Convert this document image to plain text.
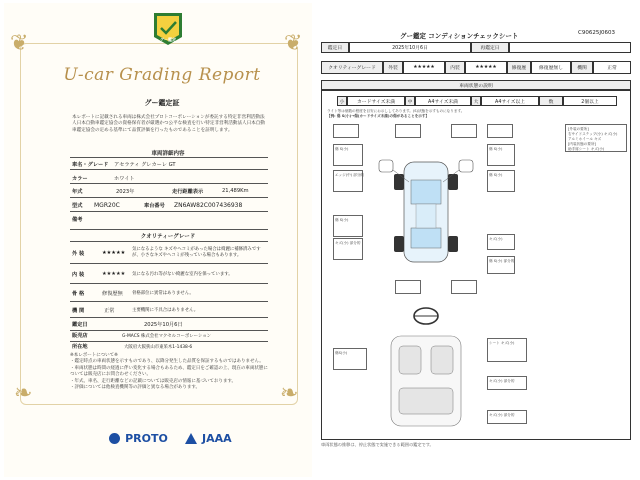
❦	❦
❧	❧
グー鑑定
U-car Grading Report
グー鑑定証
本レポートに記載される車両は株式会社プロトコーポレーションが委託する特定非営利活動法人日本自動車鑑定協会の資格保有者が厳選かつ公平な検査を行い特定非営利活動法人日本自動車鑑定協会の定める基準にて品質評価を行ったものであることを証明します。
車両詳細内容
車名・グレード アセラティ グレカーレ GT
カラー	ホワイト
年式	2023年	走行距離表示	21,489Km
型式 MGR20C	車台番号 ZN6AW82C007436938
備考
クオリティーグレード
外 装	★★★★★
気になるような キズやヘコミがあった場合は綺麗に補修済みですが、小さなキズやヘコミが残っている場合もあります。
内 装	★★★★★ 気になる汚れ等がない綺麗な室内を保っています。
骨 格	修復歴無 骨格部位に異常はありません。
機 関	正常	主要機関に不具合はありません。
鑑定日	2025年10月6日
販売店	G-MACS 株式会社マクセルコーポレーション
所在地	大阪府大阪狭山市東茱木1-1438-6
※本レポートについて※
・鑑定時点の車両状態を示すものであり、以降分発生した品質を保証するものではありません。
・車両状態は時間の経過に伴い変化する場合もあるため、鑑定日をご確認の上、現在の車両状態については販売店にお問合わせください。
・年式、車名、走行距離などの記載については販売店の情報に基づいております。
・評価については他検査機関等の評価と異なる場合があります。
PROTO	JAAA
C90625J0603
グー鑑定 コンディションチェックシート
鑑定日	2025年10月6日	再鑑定日
クオリティーグレード	外装	★★★★★	内装	★★★★★	修復歴	修復歴無し	機関	正常
車両状態の説明
小	カードサイズ未満	中	A4サイズ未満	大	A4サイズ以上	数	2個以上
ライト等は個数の程度を目安にお示ししてあります。(S)状態を示すものになります。
【例: 傷 S(小)→傷(カードサイズ未満)の傷があることを示す】
[外装の要所]
右サイドステップ(小) キズ(小)
アルミホイール キズ
[内装状態の要所]
助手席シート キズ(小)
傷 S(小)	傷 S(小)
エッジ(中) 部分的	傷 S(小)
傷 S(小)
キズ(小)
キズ(小) 部分的
傷 S(小) 部分的
シート キズ(小)
傷S(小)
キズ(小) 部分的
キズ(小) 部分的
車両状態の推移は、停止状態で実施できる範囲の鑑定です。
